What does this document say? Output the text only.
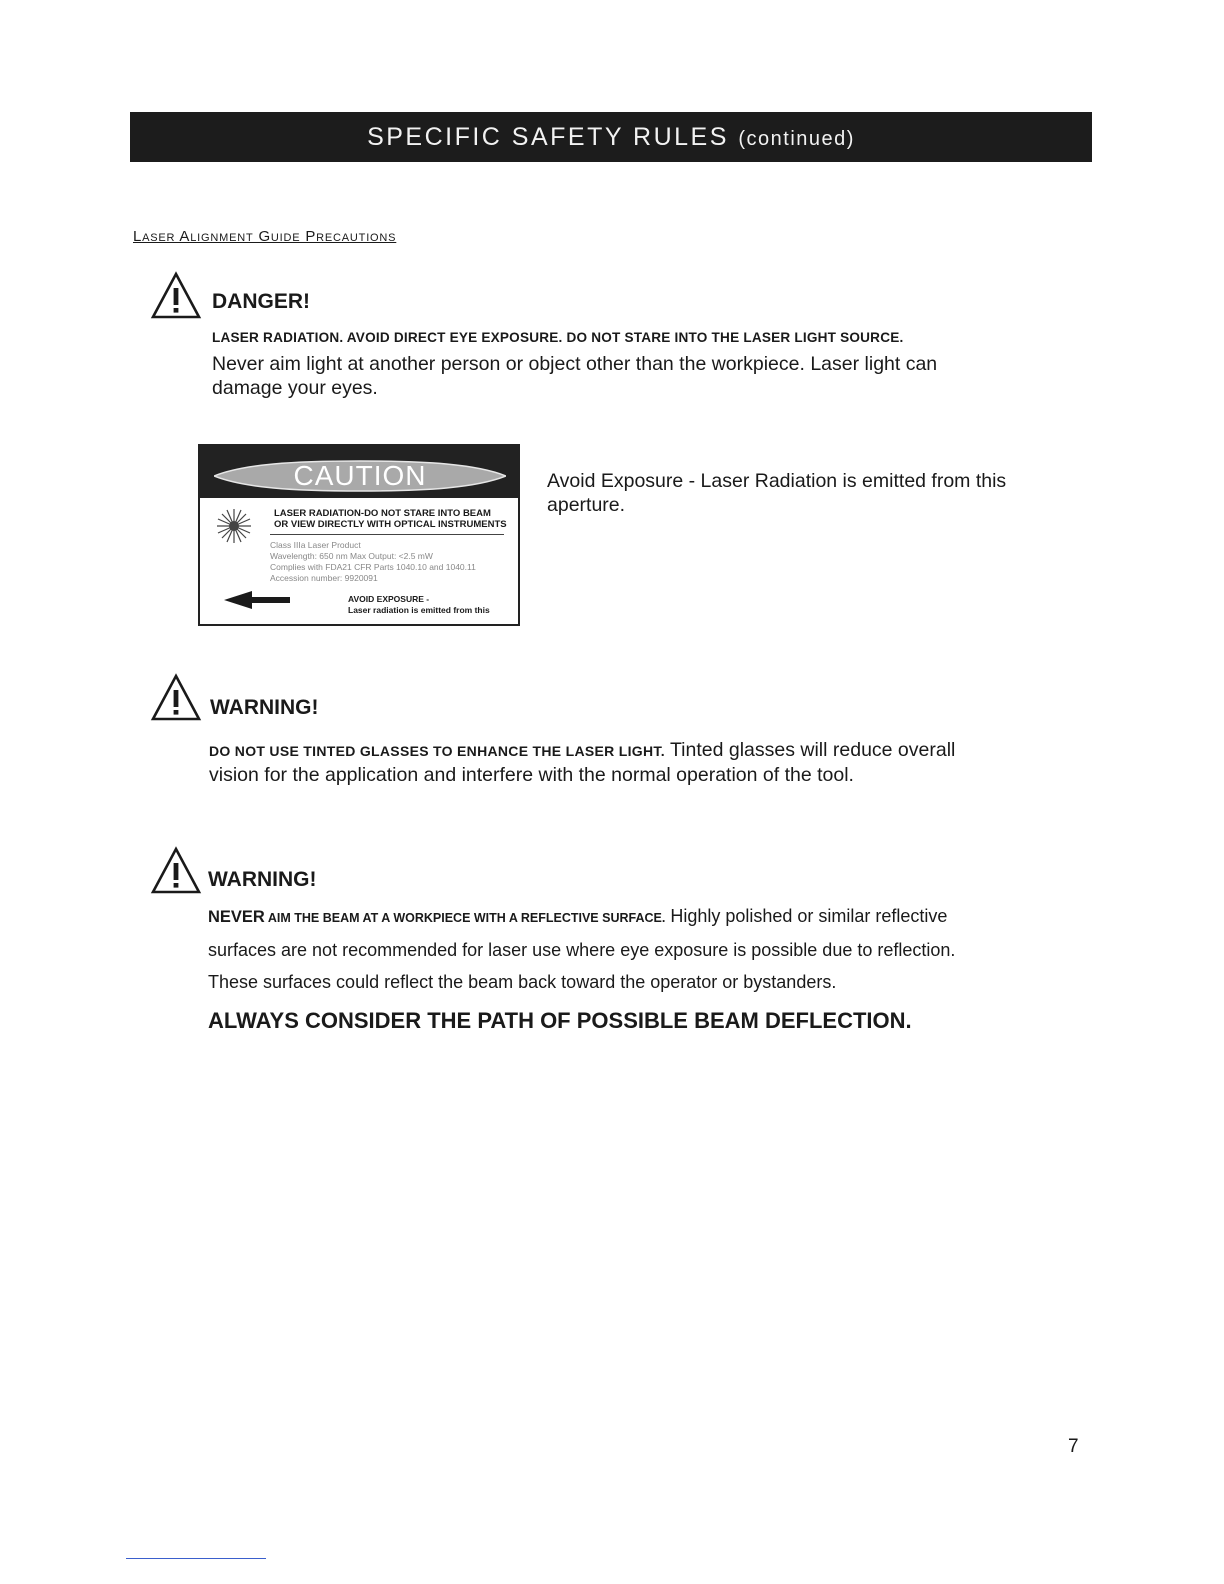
SPECIFIC SAFETY RULES (continued)
Laser Alignment Guide Precautions
DANGER!
LASER RADIATION. AVOID DIRECT EYE EXPOSURE. DO NOT STARE INTO THE LASER LIGHT SOURCE.
Never aim light at another person or object other than the workpiece. Laser light can
damage your eyes.
CAUTION
LASER RADIATION-DO NOT STARE INTO BEAM
OR VIEW DIRECTLY WITH OPTICAL INSTRUMENTS
Class IIIa Laser Product
Wavelength: 650 nm Max Output: <2.5 mW
Complies with FDA21 CFR Parts 1040.10 and 1040.11
Accession number: 9920091
AVOID EXPOSURE -
Laser radiation is emitted from this
Avoid Exposure - Laser Radiation is emitted from this
aperture.
WARNING!
DO NOT USE TINTED GLASSES TO ENHANCE THE LASER LIGHT. Tinted glasses will reduce overall
vision for the application and interfere with the normal operation of the tool.
WARNING!
NEVER AIM THE BEAM AT A WORKPIECE WITH A REFLECTIVE SURFACE. Highly polished or similar reflective
surfaces are not recommended for laser use where eye exposure is possible due to reflection.
These surfaces could reflect the beam back toward the operator or bystanders.
ALWAYS CONSIDER THE PATH OF POSSIBLE BEAM DEFLECTION.
7
